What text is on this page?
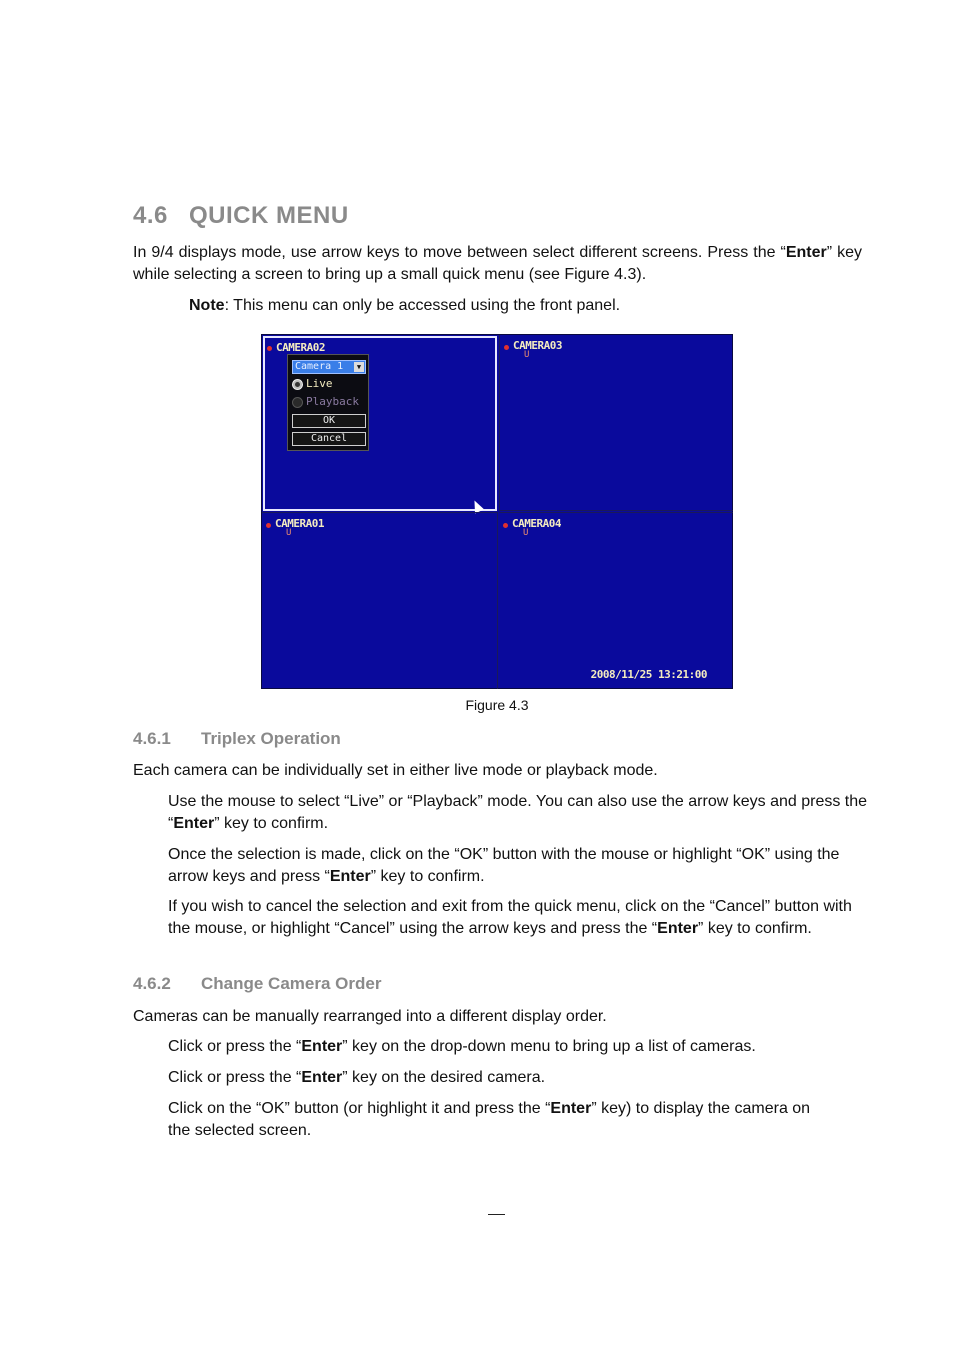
4.6 QUICK MENU
In 9/4 displays mode, use arrow keys to move between select different screens. Press the “Enter” key while selecting a screen to bring up a small quick menu (see Figure 4.3).
Note: This menu can only be accessed using the front panel.
CAMERA02
Camera 1	▼
Live
Playback
OK
Cancel
CAMERA03
U
CAMERA01
U
CAMERA04
U
2008/11/25 13:21:00
Figure 4.3
4.6.1 Triplex Operation
Each camera can be individually set in either live mode or playback mode.
Use the mouse to select “Live” or “Playback” mode. You can also use the arrow keys and press the “Enter” key to confirm.
Once the selection is made, click on the “OK” button with the mouse or highlight “OK” using the arrow keys and press “Enter” key to confirm.
If you wish to cancel the selection and exit from the quick menu, click on the “Cancel” button with the mouse, or highlight “Cancel” using the arrow keys and press the “Enter” key to confirm.
4.6.2 Change Camera Order
Cameras can be manually rearranged into a different display order.
Click or press the “Enter” key on the drop-down menu to bring up a list of cameras.
Click or press the “Enter” key on the desired camera.
Click on the “OK” button (or highlight it and press the “Enter” key) to display the camera on the selected screen.
